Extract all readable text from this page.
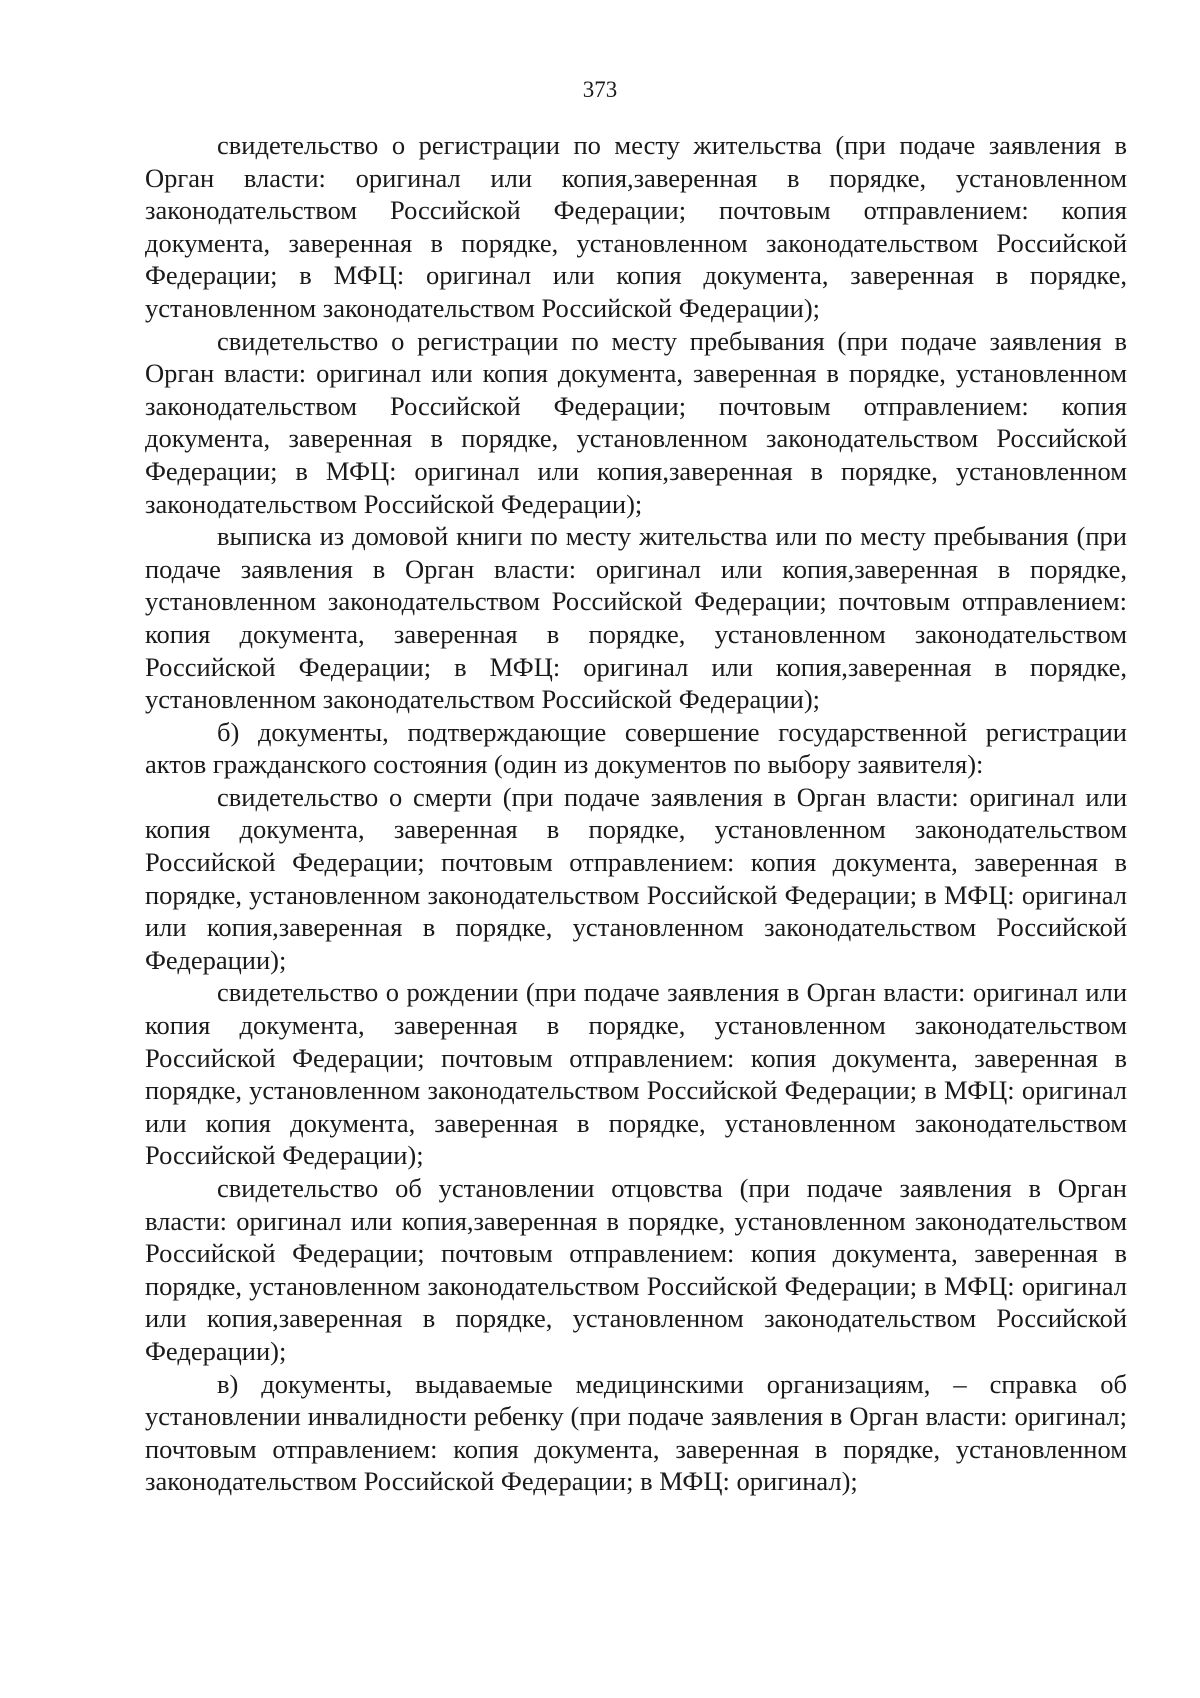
373

свидетельство о регистрации по месту жительства (при подаче заявления в Орган власти: оригинал или копия,заверенная в порядке, установленном законодательством Российской Федерации; почтовым отправлением: копия документа, заверенная в порядке, установленном законодательством Российской Федерации; в МФЦ: оригинал или копия документа, заверенная в порядке, установленном законодательством Российской Федерации);

свидетельство о регистрации по месту пребывания (при подаче заявления в Орган власти: оригинал или копия документа, заверенная в порядке, установленном законодательством Российской Федерации; почтовым отправлением: копия документа, заверенная в порядке, установленном законодательством Российской Федерации; в МФЦ: оригинал или копия,заверенная в порядке, установленном законодательством Российской Федерации);

выписка из домовой книги по месту жительства или по месту пребывания (при подаче заявления в Орган власти: оригинал или копия,заверенная в порядке, установленном законодательством Российской Федерации; почтовым отправлением: копия документа, заверенная в порядке, установленном законодательством Российской Федерации; в МФЦ: оригинал или копия,заверенная в порядке, установленном законодательством Российской Федерации);

б) документы, подтверждающие совершение государственной регистрации актов гражданского состояния (один из документов по выбору заявителя):

свидетельство о смерти (при подаче заявления в Орган власти: оригинал или копия документа, заверенная в порядке, установленном законодательством Российской Федерации; почтовым отправлением: копия документа, заверенная в порядке, установленном законодательством Российской Федерации; в МФЦ: оригинал или копия,заверенная в порядке, установленном законодательством Российской Федерации);

свидетельство о рождении (при подаче заявления в Орган власти: оригинал или копия документа, заверенная в порядке, установленном законодательством Российской Федерации; почтовым отправлением: копия документа, заверенная в порядке, установленном законодательством Российской Федерации; в МФЦ: оригинал или копия документа, заверенная в порядке, установленном законодательством Российской Федерации);

свидетельство об установлении отцовства (при подаче заявления в Орган власти: оригинал или копия,заверенная в порядке, установленном законодательством Российской Федерации; почтовым отправлением: копия документа, заверенная в порядке, установленном законодательством Российской Федерации; в МФЦ: оригинал или копия,заверенная в порядке, установленном законодательством Российской Федерации);

в) документы, выдаваемые медицинскими организациям, – справка об установлении инвалидности ребенку (при подаче заявления в Орган власти: оригинал; почтовым отправлением: копия документа, заверенная в порядке, установленном законодательством Российской Федерации; в МФЦ: оригинал);
